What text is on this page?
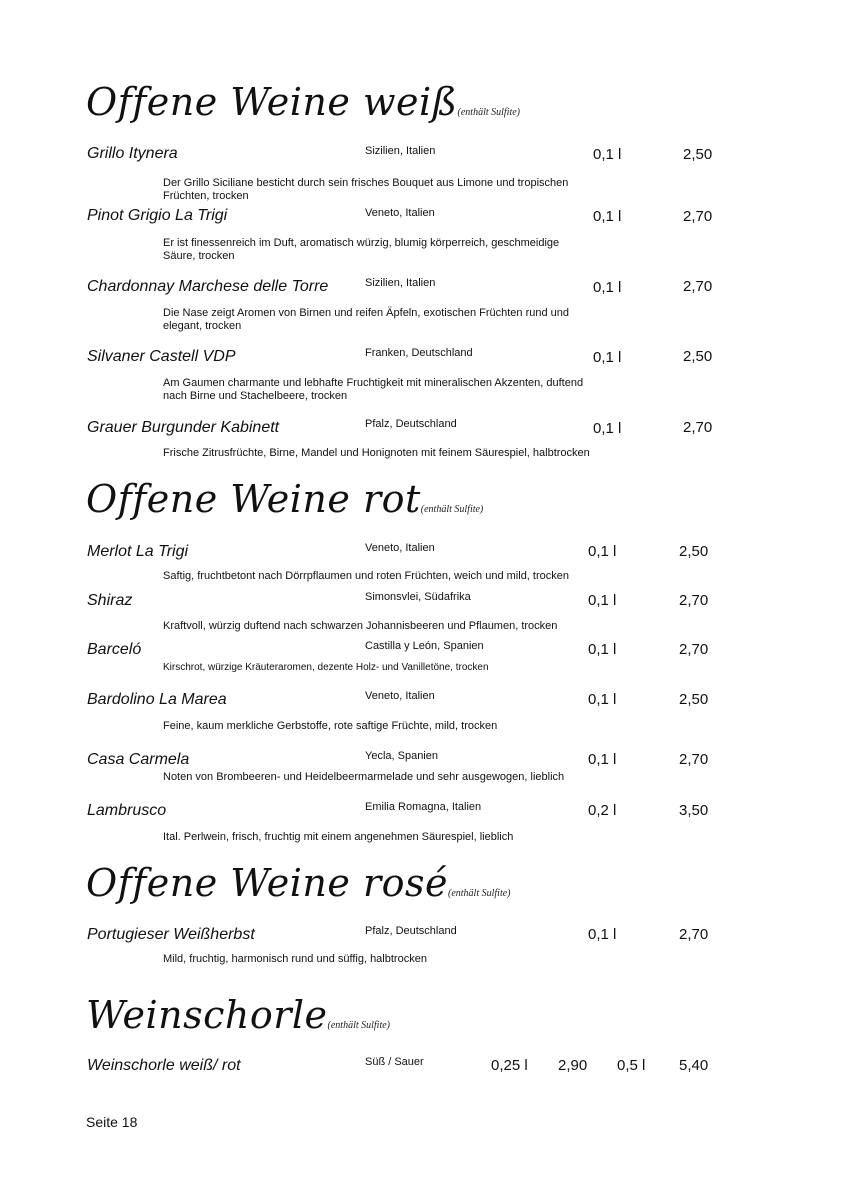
Offene Weine weiß(enthält Sulfite)
Grillo Itynera	Sizilien, Italien	0,1 l	2,50
Der Grillo Siciliane besticht durch sein frisches Bouquet aus Limone und tropischen Früchten, trocken
Pinot Grigio La Trigi	Veneto, Italien	0,1 l	2,70
Er ist finessenreich im Duft, aromatisch würzig, blumig körperreich, geschmeidige Säure, trocken
Chardonnay Marchese delle Torre	Sizilien, Italien	0,1 l	2,70
Die Nase zeigt Aromen von Birnen und reifen Äpfeln, exotischen Früchten rund und elegant, trocken
Silvaner Castell VDP	Franken, Deutschland	0,1 l	2,50
Am Gaumen charmante und lebhafte Fruchtigkeit mit mineralischen Akzenten, duftend nach Birne und Stachelbeere, trocken
Grauer Burgunder Kabinett	Pfalz, Deutschland	0,1 l	2,70
Frische Zitrusfrüchte, Birne, Mandel und Honignoten mit feinem Säurespiel, halbtrocken
Offene Weine rot(enthält Sulfite)
Merlot La Trigi	Veneto, Italien	0,1 l	2,50
Saftig, fruchtbetont nach Dörrpflaumen und roten Früchten, weich und mild, trocken
Shiraz	Simonsvlei, Südafrika	0,1 l	2,70
Kraftvoll, würzig duftend nach schwarzen Johannisbeeren und Pflaumen, trocken
Barceló	Castilla y León, Spanien	0,1 l	2,70
Kirschrot, würzige Kräuteraromen, dezente Holz- und Vanilletöne, trocken
Bardolino La Marea	Veneto, Italien	0,1 l	2,50
Feine, kaum merkliche Gerbstoffe, rote saftige Früchte, mild, trocken
Casa Carmela	Yecla, Spanien	0,1 l	2,70
Noten von Brombeeren- und Heidelbeermarmelade und sehr ausgewogen, lieblich
Lambrusco	Emilia Romagna, Italien	0,2 l	3,50
Ital. Perlwein, frisch, fruchtig mit einem angenehmen Säurespiel, lieblich
Offene Weine rosé(enthält Sulfite)
Portugieser Weißherbst	Pfalz, Deutschland	0,1 l	2,70
Mild, fruchtig, harmonisch rund und süffig, halbtrocken
Weinschorle(enthält Sulfite)
Weinschorle weiß/ rot	Süß / Sauer	0,25 l 2,90 0,5 l 5,40
Seite 18
